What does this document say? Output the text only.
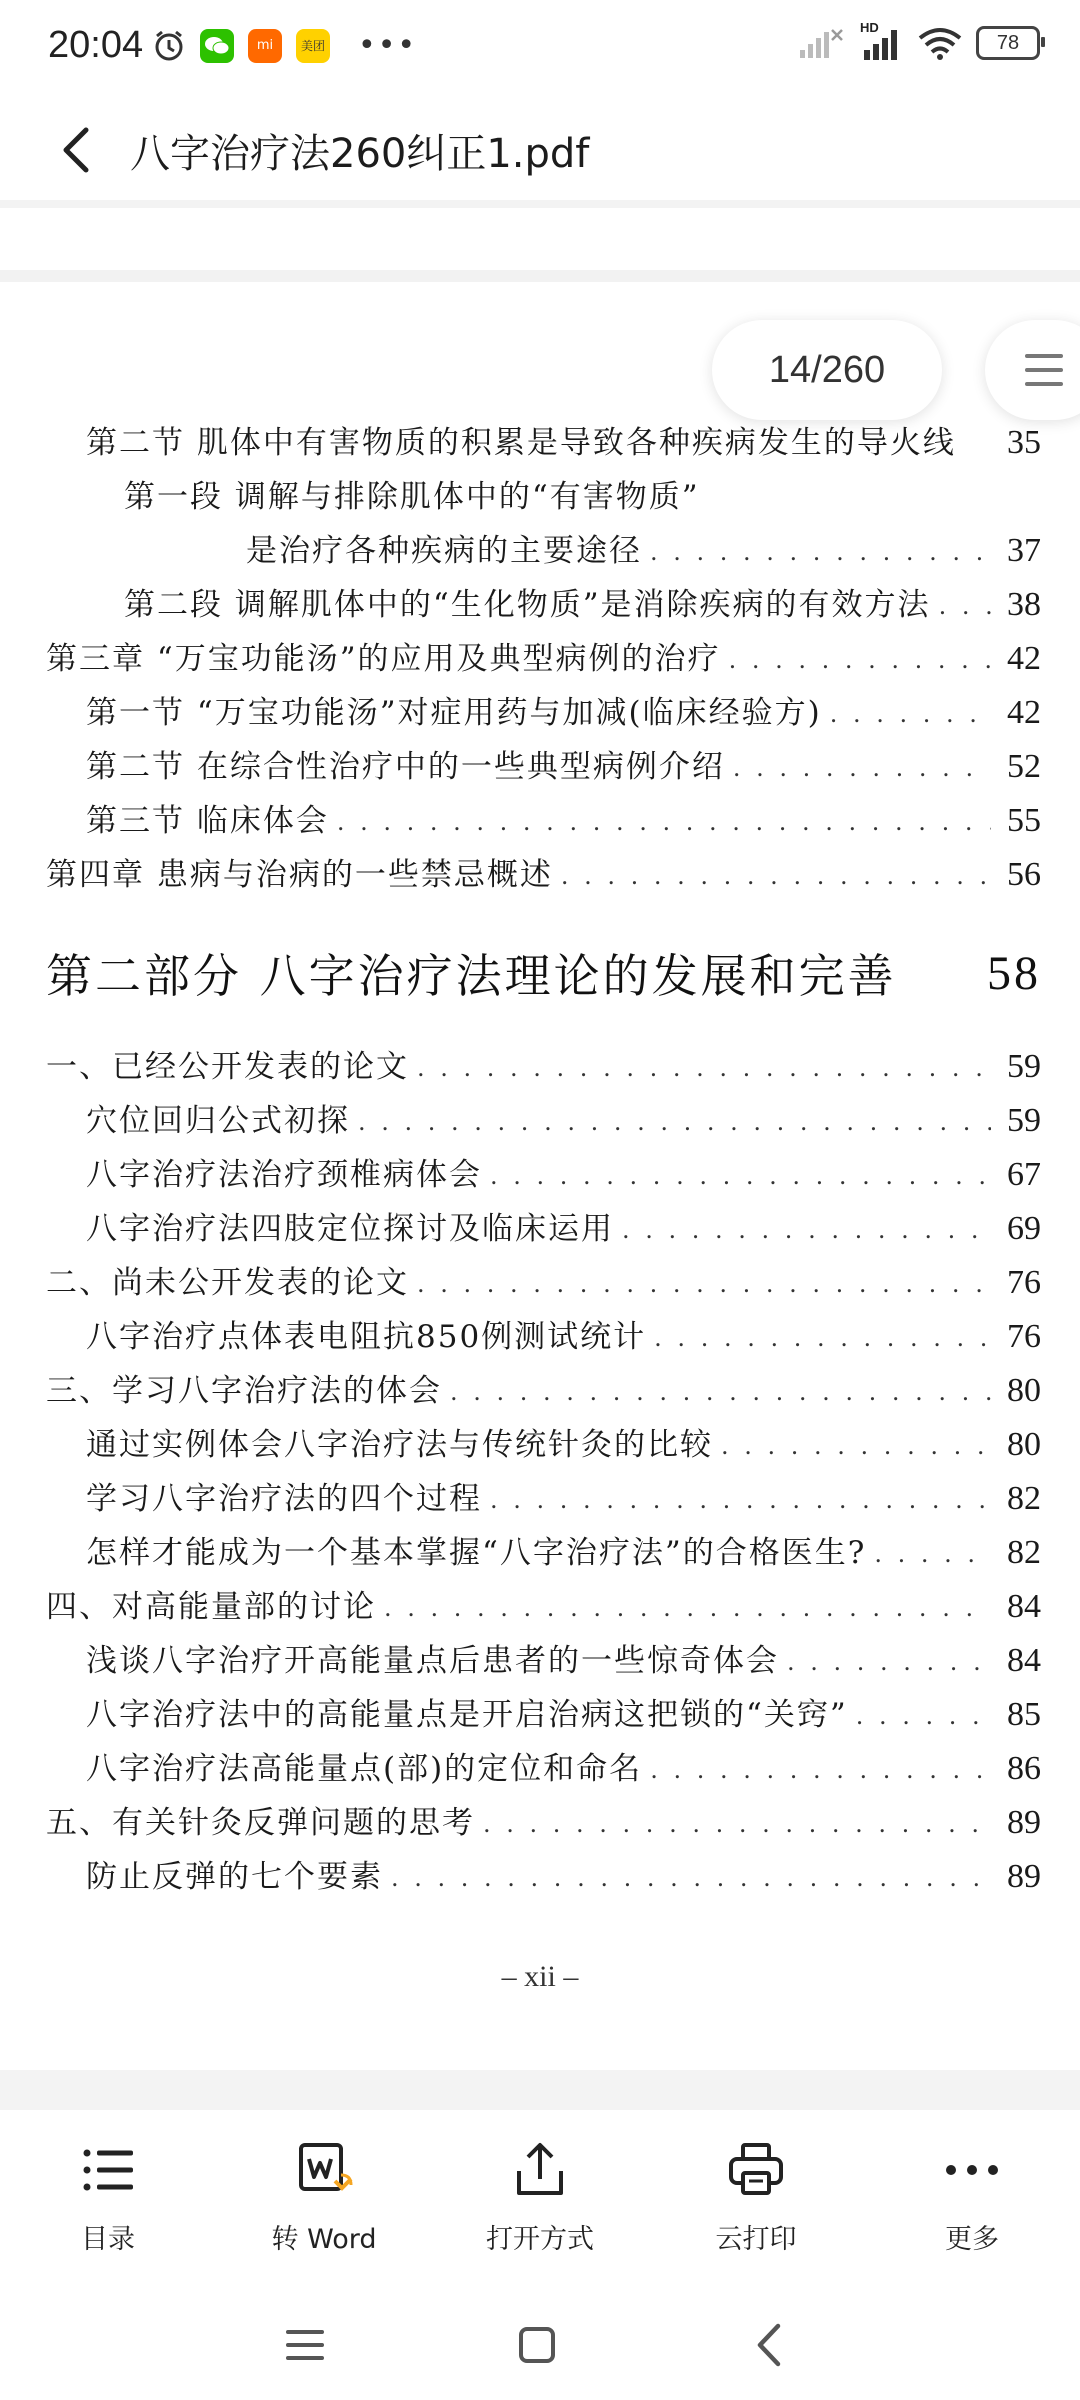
20:04	mi	美团 •••
HD
78
八字治疗法260纠正1.pdf
14/260
第二节 肌体中有害物质的积累是导致各种疾病发生的导火线 35
第一段 调解与排除肌体中的“有害物质”
是治疗各种疾病的主要途径 . . .	37
第二段 调解肌体中的“生化物质”是消除疾病的有效方法 . . . 38
第三章 “万宝功能汤”的应用及典型病例的治疗 . . .	42
第一节 “万宝功能汤”对症用药与加减(临床经验方) . . .	42
第二节 在综合性治疗中的一些典型病例介绍 . . .	52
第三节 临床体会 . . .	55
第四章 患病与治病的一些禁忌概述 . . .	56
第二部分 八字治疗法理论的发展和完善 58
一、已经公开发表的论文 . . .	59
穴位回归公式初探 . . .	59
八字治疗法治疗颈椎病体会 . . .	67
八字治疗法四肢定位探讨及临床运用 . . .	69
二、尚未公开发表的论文 . . .	76
八字治疗点体表电阻抗850例测试统计 . . .	76
三、学习八字治疗法的体会 . . .	80
通过实例体会八字治疗法与传统针灸的比较 . . .	80
学习八字治疗法的四个过程 . . .	82
怎样才能成为一个基本掌握“八字治疗法”的合格医生? . . .	82
四、对高能量部的讨论 . . .	84
浅谈八字治疗开高能量点后患者的一些惊奇体会 . . .	84
八字治疗法中的高能量点是开启治病这把锁的“关窍” . . .	85
八字治疗法高能量点(部)的定位和命名 . . .	86
五、有关针灸反弹问题的思考 . . .	89
防止反弹的七个要素 . . .	89
– xii –
目录	转 Word	打开方式	云打印	更多
